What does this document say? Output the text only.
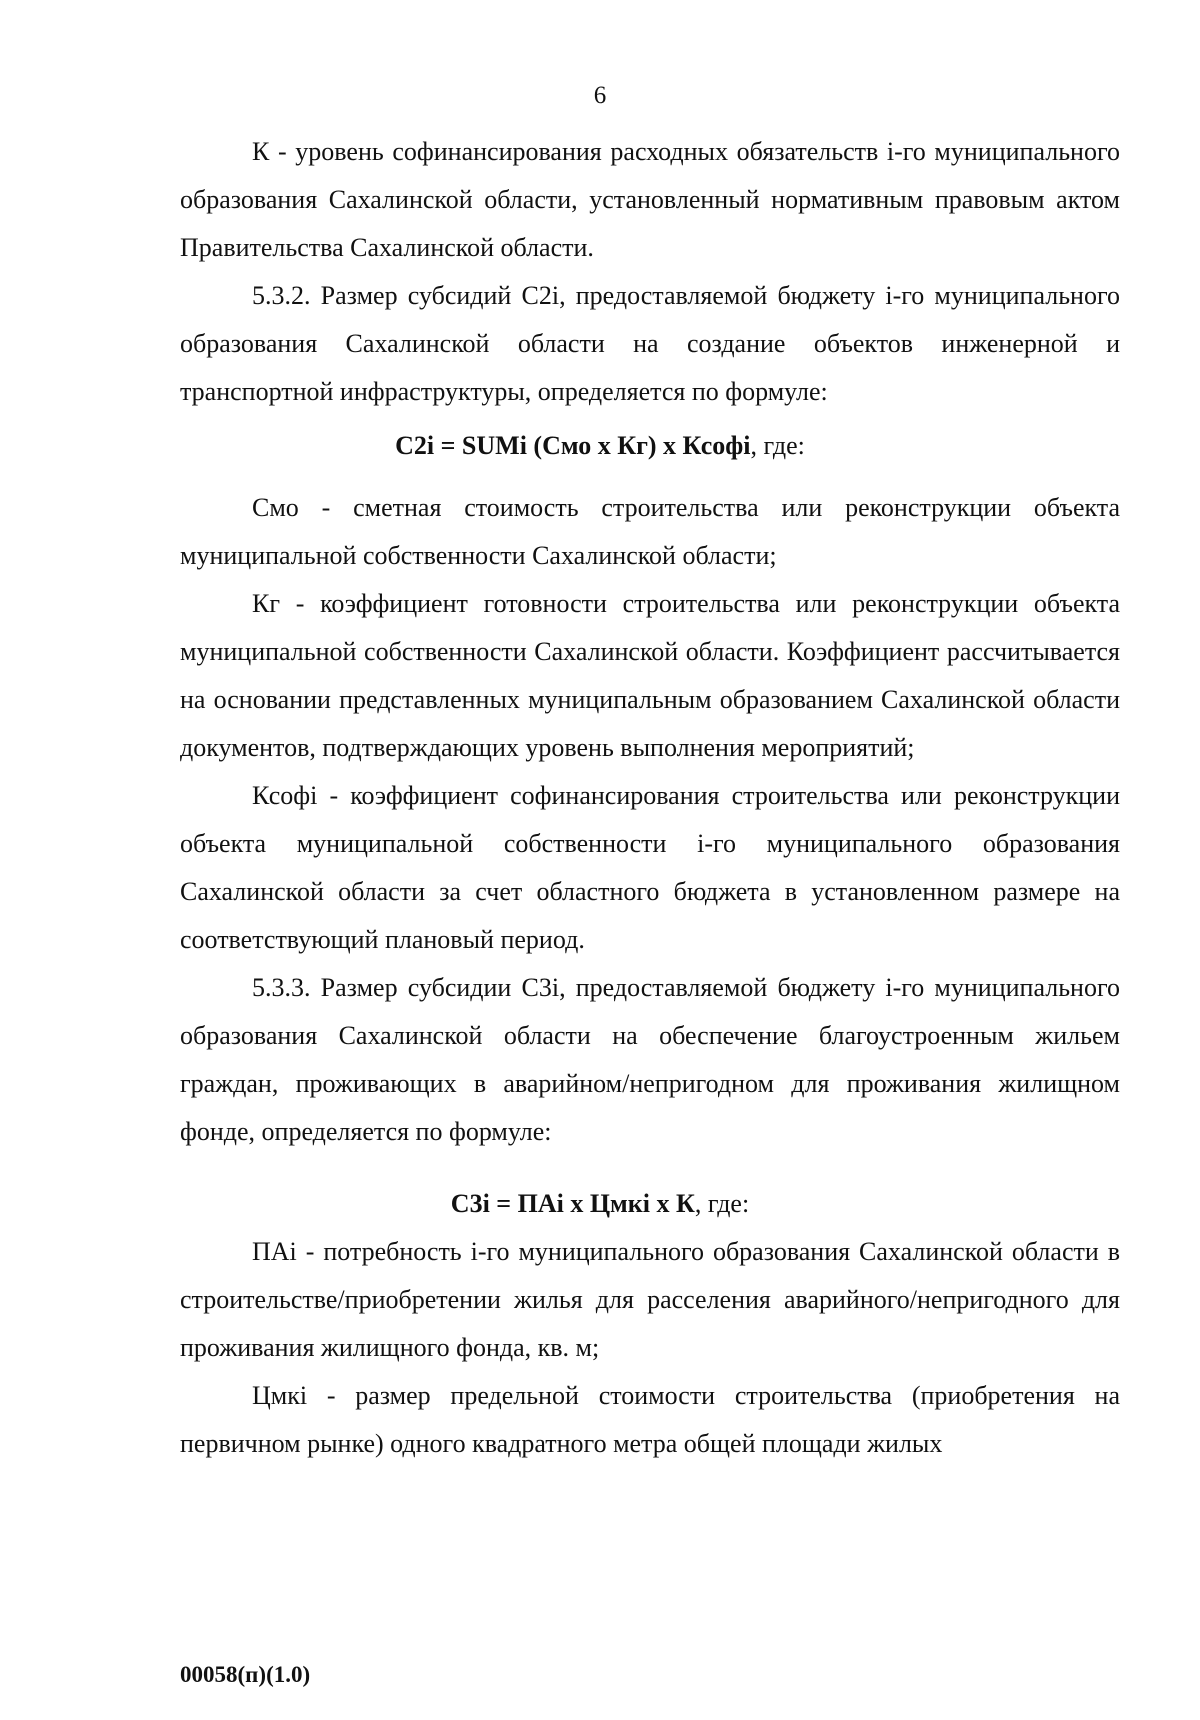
6

К - уровень софинансирования расходных обязательств i-го муниципального образования Сахалинской области, установленный нормативным правовым актом Правительства Сахалинской области.

5.3.2. Размер субсидий С2i, предоставляемой бюджету i-го муниципального образования Сахалинской области на создание объектов инженерной и транспортной инфраструктуры, определяется по формуле:

С2i = SUMi (Смо х Кг) х Ксофi, где:

Смо - сметная стоимость строительства или реконструкции объекта муниципальной собственности Сахалинской области;

Кг - коэффициент готовности строительства или реконструкции объекта муниципальной собственности Сахалинской области. Коэффициент рассчитывается на основании представленных муниципальным образованием Сахалинской области документов, подтверждающих уровень выполнения мероприятий;

Ксофi - коэффициент софинансирования строительства или реконструкции объекта муниципальной собственности i-го муниципального образования Сахалинской области за счет областного бюджета в установленном размере на соответствующий плановый период.

5.3.3. Размер субсидии С3i, предоставляемой бюджету i-го муниципального образования Сахалинской области на обеспечение благоустроенным жильем граждан, проживающих в аварийном/непригодном для проживания жилищном фонде, определяется по формуле:

С3i = ПАi х Цмкi х К, где:

ПАi - потребность i-го муниципального образования Сахалинской области в строительстве/приобретении жилья для расселения аварийного/непригодного для проживания жилищного фонда, кв. м;

Цмкi - размер предельной стоимости строительства (приобретения на первичном рынке) одного квадратного метра общей площади жилых

00058(п)(1.0)
